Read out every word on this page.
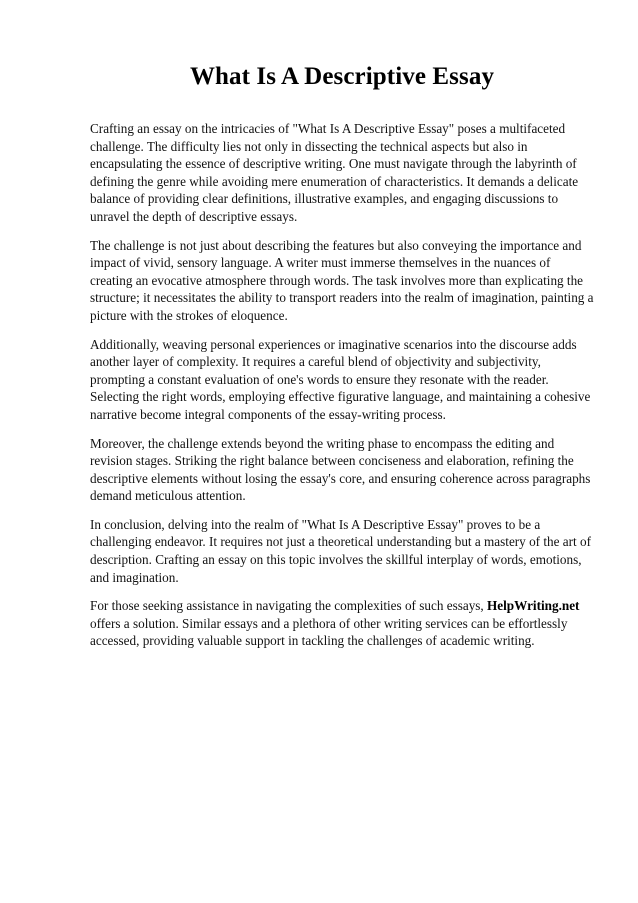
What Is A Descriptive Essay

Crafting an essay on the intricacies of "What Is A Descriptive Essay" poses a multifaceted challenge. The difficulty lies not only in dissecting the technical aspects but also in encapsulating the essence of descriptive writing. One must navigate through the labyrinth of defining the genre while avoiding mere enumeration of characteristics. It demands a delicate balance of providing clear definitions, illustrative examples, and engaging discussions to unravel the depth of descriptive essays.

The challenge is not just about describing the features but also conveying the importance and impact of vivid, sensory language. A writer must immerse themselves in the nuances of creating an evocative atmosphere through words. The task involves more than explicating the structure; it necessitates the ability to transport readers into the realm of imagination, painting a picture with the strokes of eloquence.

Additionally, weaving personal experiences or imaginative scenarios into the discourse adds another layer of complexity. It requires a careful blend of objectivity and subjectivity, prompting a constant evaluation of one's words to ensure they resonate with the reader. Selecting the right words, employing effective figurative language, and maintaining a cohesive narrative become integral components of the essay-writing process.

Moreover, the challenge extends beyond the writing phase to encompass the editing and revision stages. Striking the right balance between conciseness and elaboration, refining the descriptive elements without losing the essay's core, and ensuring coherence across paragraphs demand meticulous attention.

In conclusion, delving into the realm of "What Is A Descriptive Essay" proves to be a challenging endeavor. It requires not just a theoretical understanding but a mastery of the art of description. Crafting an essay on this topic involves the skillful interplay of words, emotions, and imagination.

For those seeking assistance in navigating the complexities of such essays, HelpWriting.net offers a solution. Similar essays and a plethora of other writing services can be effortlessly accessed, providing valuable support in tackling the challenges of academic writing.
